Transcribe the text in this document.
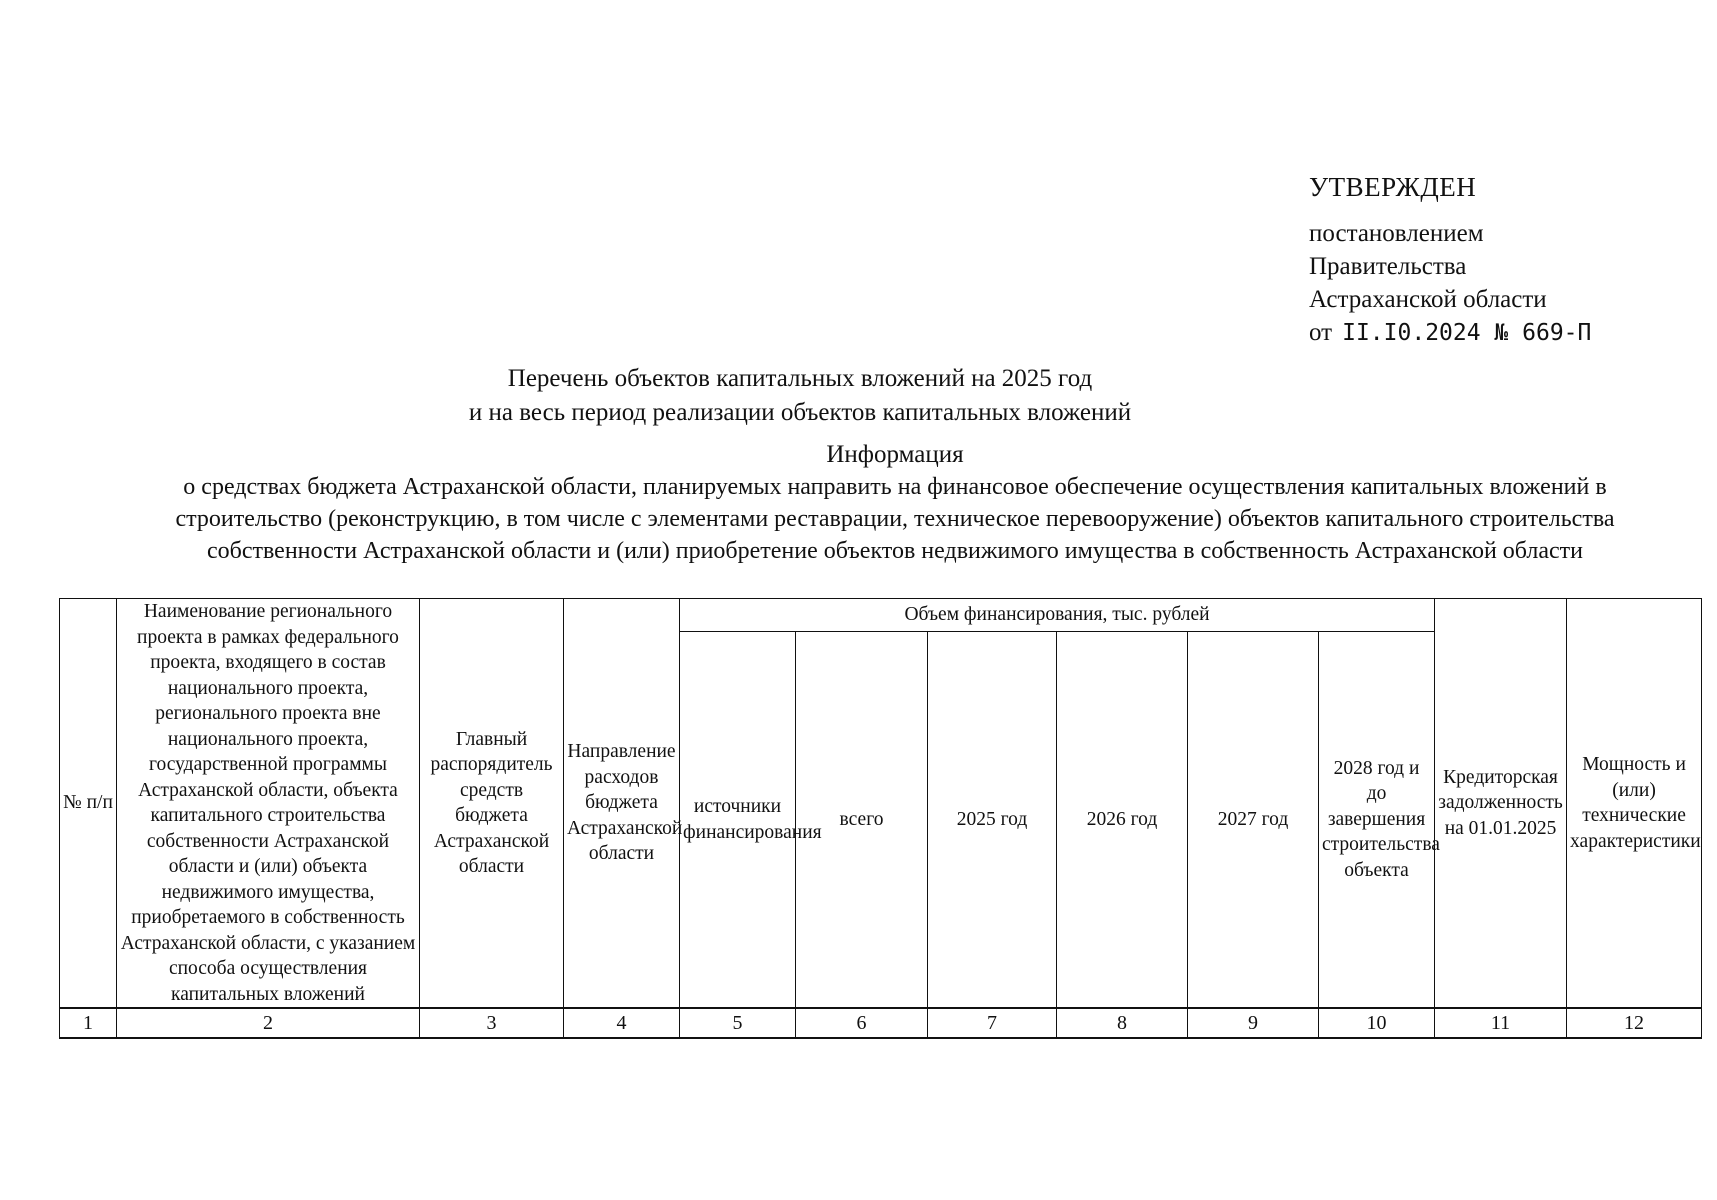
УТВЕРЖДЕН
постановлением
Правительства
Астраханской области
от II.I0.2024 № 669-П
Перечень объектов капитальных вложений на 2025 год
и на весь период реализации объектов капитальных вложений
Информация
о средствах бюджета Астраханской области, планируемых направить на финансовое обеспечение осуществления капитальных вложений в строительство (реконструкцию, в том числе с элементами реставрации, техническое перевооружение) объектов капитального строительства собственности Астраханской области и (или) приобретение объектов недвижимого имущества в собственность Астраханской области
№ п/п	Наименование регионального проекта в рамках федерального проекта, входящего в состав национального проекта, регионального проекта вне национального проекта, государственной программы Астраханской области, объекта капитального строительства собственности Астраханской области и (или) объекта недвижимого имущества, приобретаемого в собственность Астраханской области, с указанием способа осуществления капитальных вложений	Главный распорядитель средств бюджета Астраханской области	Направление расходов бюджета Астраханской области	Объем финансирования, тыс. рублей						Кредиторская задолженность на 01.01.2025	Мощность и (или) технические характеристики
				источники финансирования	всего	2025 год	2026 год	2027 год	2028 год и до завершения строительства объекта		
1	2	3	4	5	6	7	8	9	10	11	12
